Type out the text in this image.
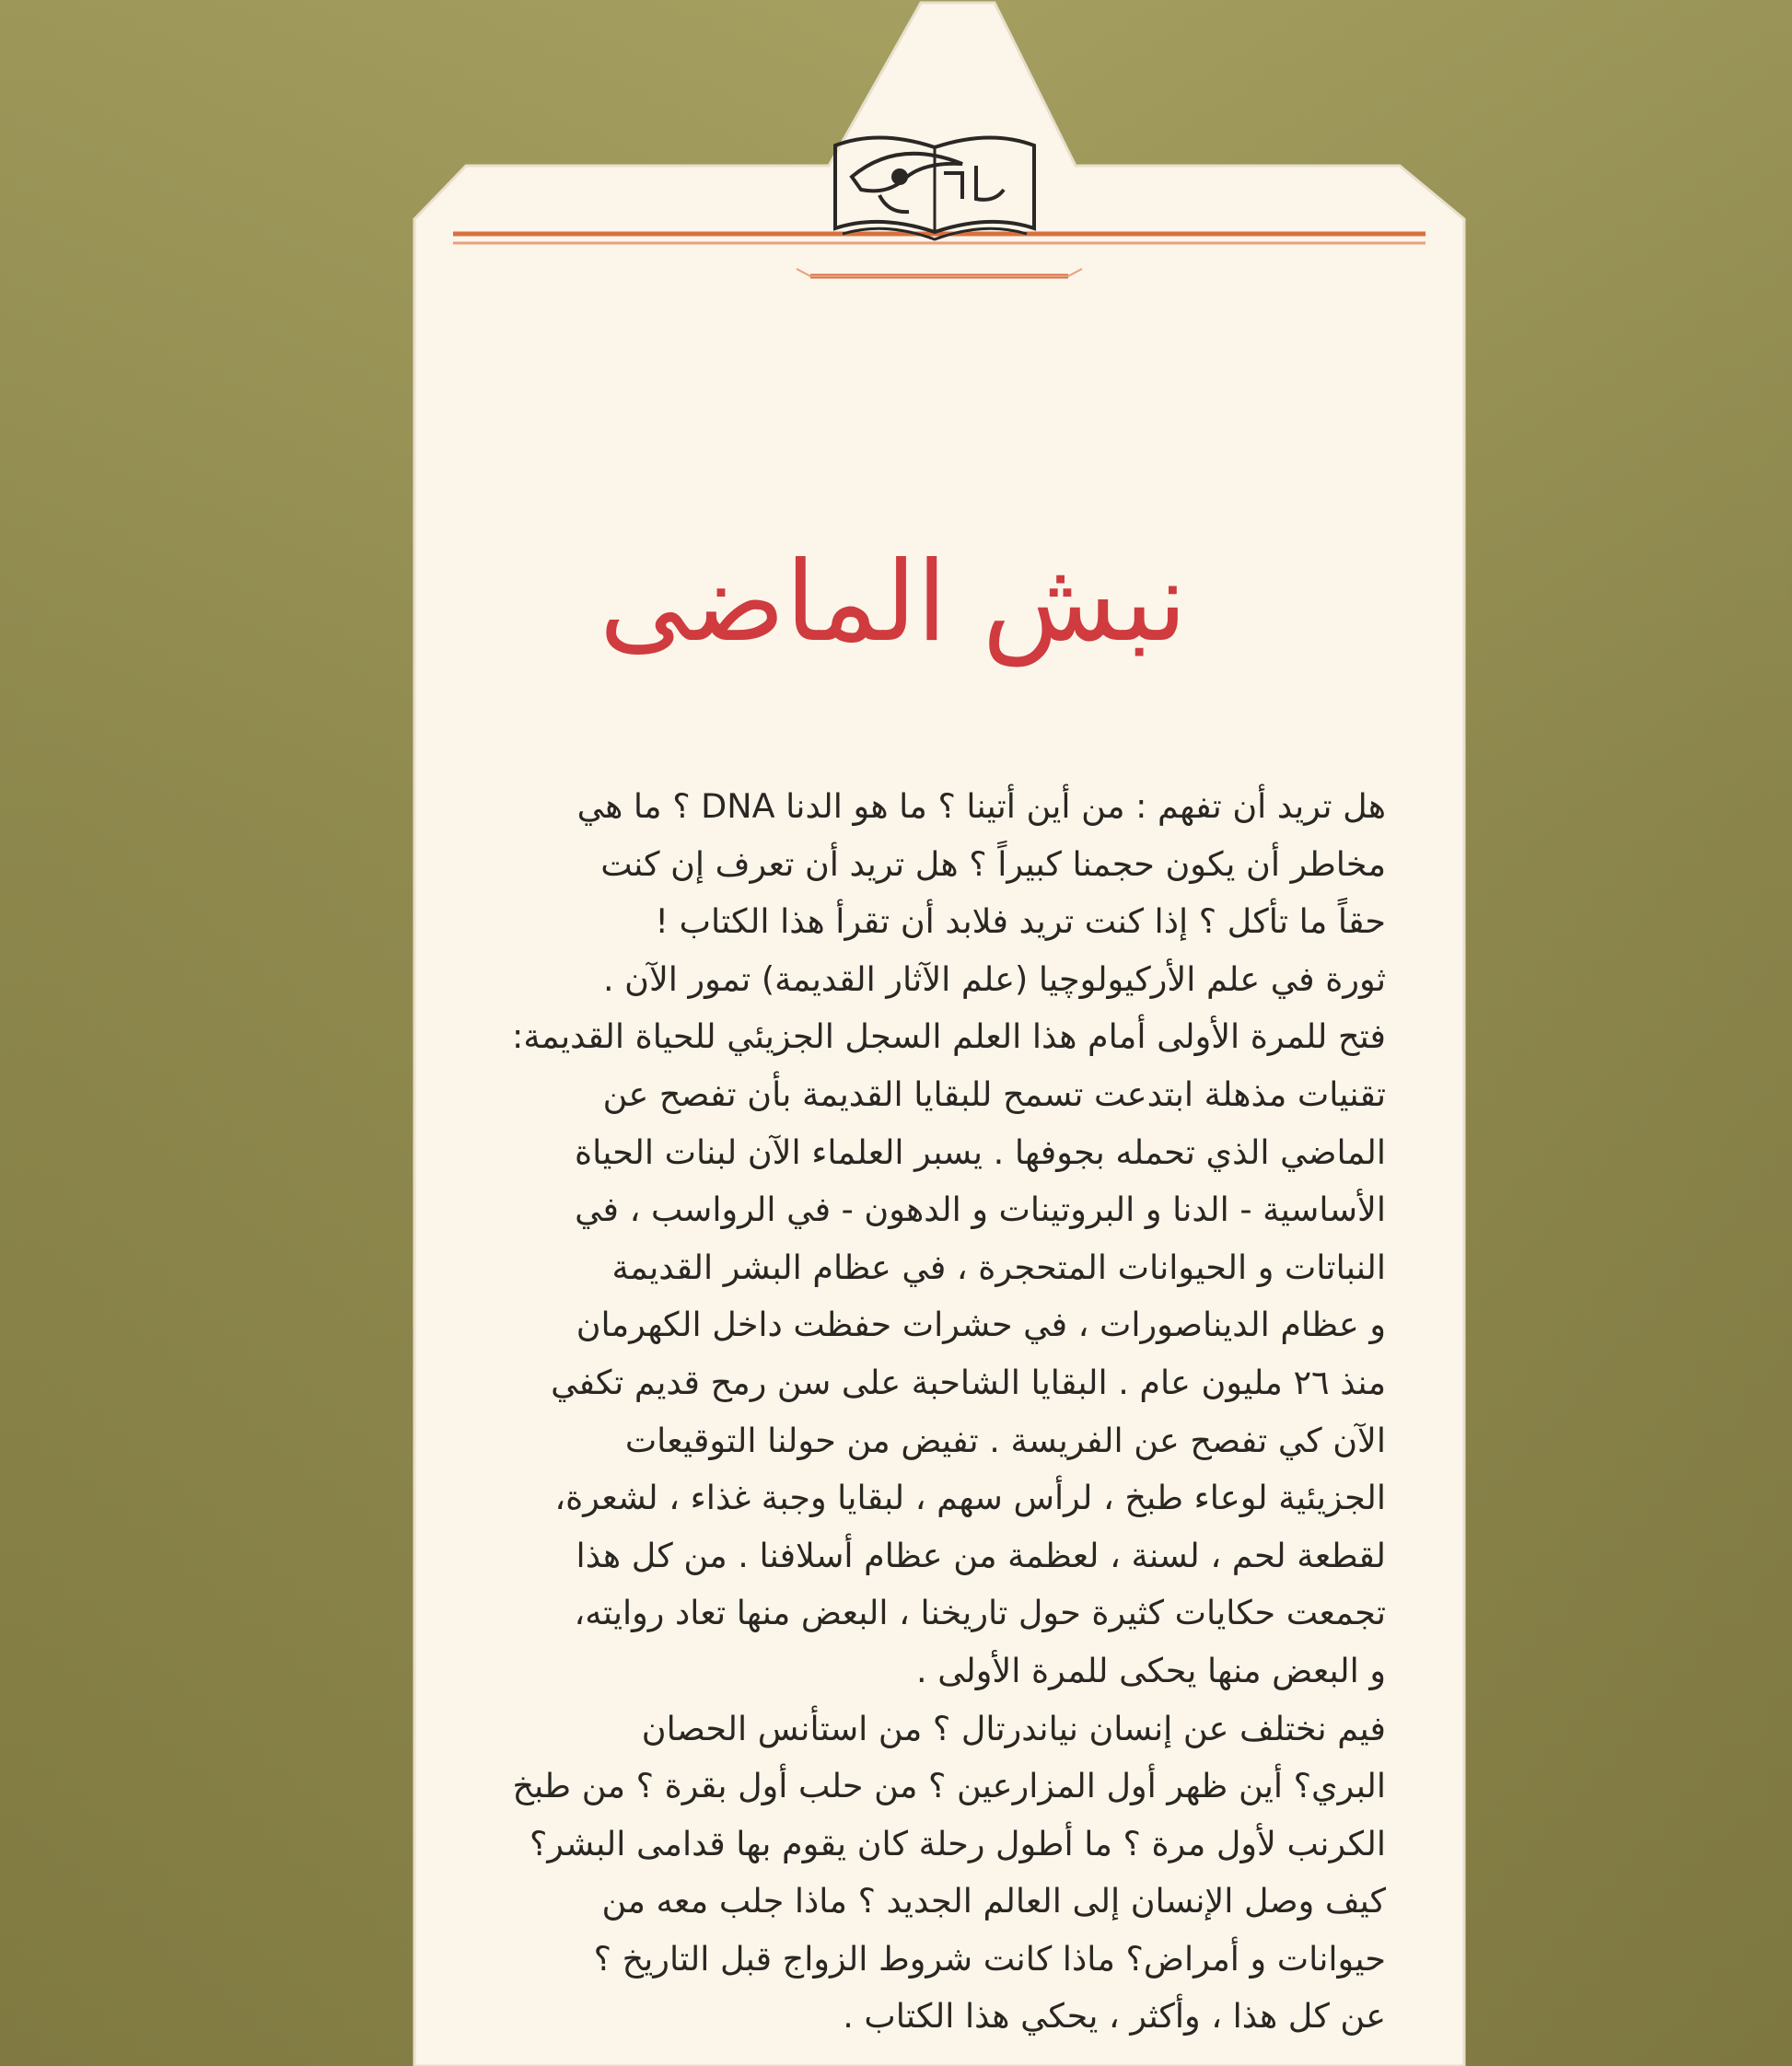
نبش الماضى
هل تريد أن تفهم : من أين أتينا ؟ ما هو الدنا DNA ؟ ما هي
مخاطر أن يكون حجمنا كبيراً ؟ هل تريد أن تعرف إن كنت
حقاً ما تأكل ؟ إذا كنت تريد فلابد أن تقرأ هذا الكتاب !
ثورة في علم الأركيولوچيا (علم الآثار القديمة) تمور الآن .
فتح للمرة الأولى أمام هذا العلم السجل الجزيئي للحياة القديمة:
تقنيات مذهلة ابتدعت تسمح للبقايا القديمة بأن تفصح عن
الماضي الذي تحمله بجوفها . يسبر العلماء الآن لبنات الحياة
الأساسية - الدنا و البروتينات و الدهون - في الرواسب ، في
النباتات و الحيوانات المتحجرة ، في عظام البشر القديمة
و عظام الديناصورات ، في حشرات حفظت داخل الكهرمان
منذ ٢٦ مليون عام . البقايا الشاحبة على سن رمح قديم تكفي
الآن كي تفصح عن الفريسة . تفيض من حولنا التوقيعات
الجزيئية لوعاء طبخ ، لرأس سهم ، لبقايا وجبة غذاء ، لشعرة،
لقطعة لحم ، لسنة ، لعظمة من عظام أسلافنا . من كل هذا
تجمعت حكايات كثيرة حول تاريخنا ، البعض منها تعاد روايته،
و البعض منها يحكى للمرة الأولى .
فيم نختلف عن إنسان نياندرتال ؟ من استأنس الحصان
البري؟ أين ظهر أول المزارعين ؟ من حلب أول بقرة ؟ من طبخ
الكرنب لأول مرة ؟ ما أطول رحلة كان يقوم بها قدامى البشر؟
كيف وصل الإنسان إلى العالم الجديد ؟ ماذا جلب معه من
حيوانات و أمراض؟ ماذا كانت شروط الزواج قبل التاريخ ؟
عن كل هذا ، وأكثر ، يحكي هذا الكتاب .
